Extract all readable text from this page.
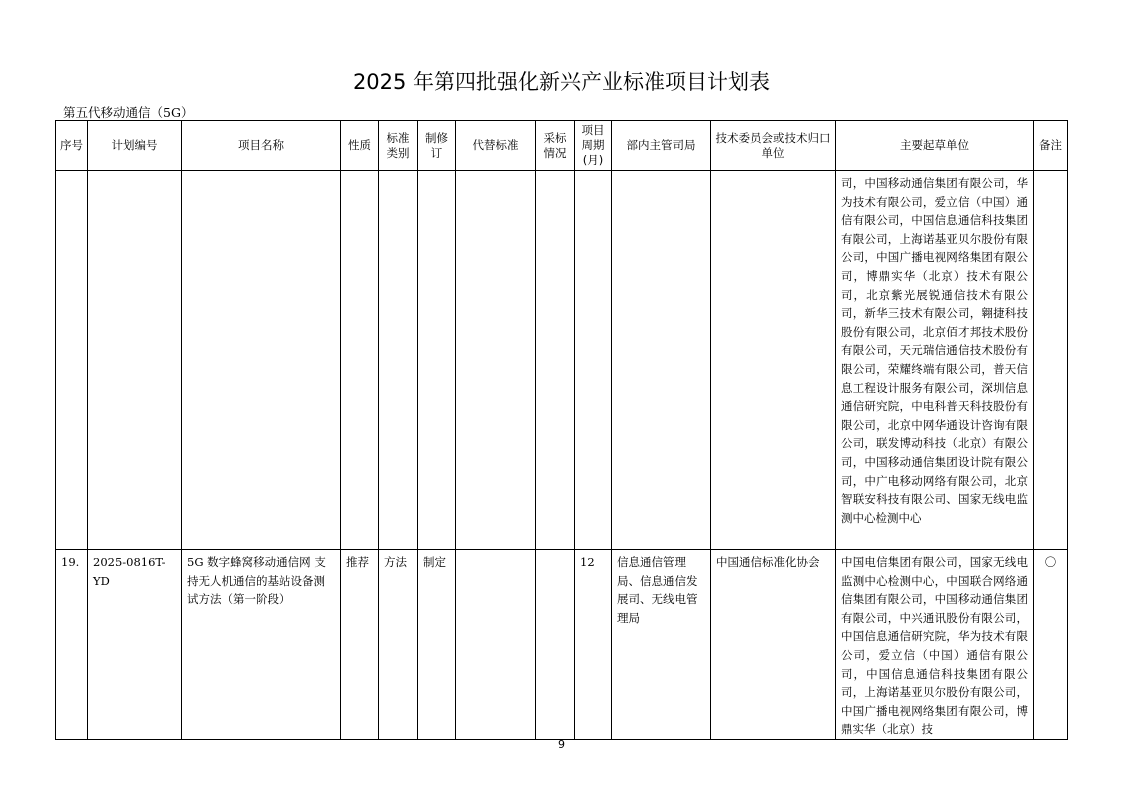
2025 年第四批强化新兴产业标准项目计划表
第五代移动通信（5G）
序号	计划编号	项目名称	性质	标准类别	制修订	代替标准	采标情况	项目周期(月)	部内主管司局	技术委员会或技术归口单位	主要起草单位	备注
											司，中国移动通信集团有限公司，华为技术有限公司，爱立信（中国）通信有限公司，中国信息通信科技集团有限公司，上海诺基亚贝尔股份有限公司，中国广播电视网络集团有限公司，博鼎实华（北京）技术有限公司，北京紫光展锐通信技术有限公司，新华三技术有限公司，翱捷科技股份有限公司，北京佰才邦技术股份有限公司，天元瑞信通信技术股份有限公司，荣耀终端有限公司，普天信息工程设计服务有限公司，深圳信息通信研究院，中电科普天科技股份有限公司，北京中网华通设计咨询有限公司，联发博动科技（北京）有限公司，中国移动通信集团设计院有限公司，中广电移动网络有限公司，北京智联安科技有限公司、国家无线电监测中心检测中心	
19.	2025-0816T-YD	5G 数字蜂窝移动通信网 支持无人机通信的基站设备测试方法（第一阶段）	推荐	方法	制定			12	信息通信管理局、信息通信发展司、无线电管理局	中国通信标准化协会	中国电信集团有限公司，国家无线电监测中心检测中心，中国联合网络通信集团有限公司，中国移动通信集团有限公司，中兴通讯股份有限公司，中国信息通信研究院，华为技术有限公司，爱立信（中国）通信有限公司，中国信息通信科技集团有限公司，上海诺基亚贝尔股份有限公司，中国广播电视网络集团有限公司，博鼎实华（北京）技	〇
9
